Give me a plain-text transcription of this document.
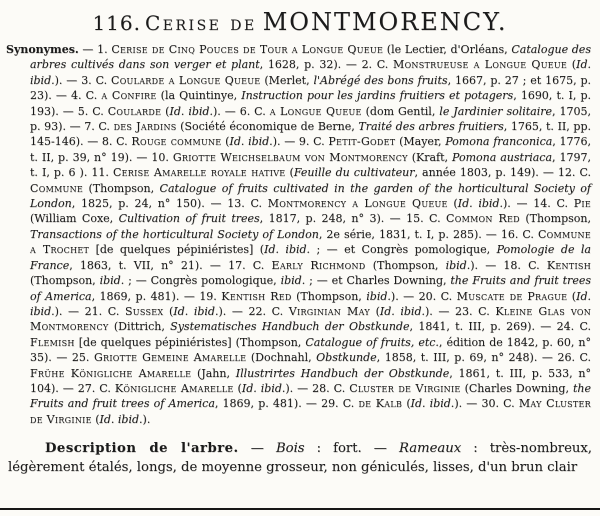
116. Cerise de MONTMORENCY.

Synonymes. — 1. Cerise de Cinq Pouces de Tour a Longue Queue (le Lectier, d'Orléans, Catalogue des arbres cultivés dans son verger et plant, 1628, p. 32). — 2. C. Monstrueuse a Longue Queue (Id. ibid.). — 3. C. Coularde a Longue Queue (Merlet, l'Abrégé des bons fruits, 1667, p. 27 ; et 1675, p. 23). — 4. C. a Confire (la Quintinye, Instruction pour les jardins fruitiers et potagers, 1690, t. I, p. 193). — 5. C. Coularde (Id. ibid.). — 6. C. a Longue Queue (dom Gentil, le Jardinier solitaire, 1705, p. 93). — 7. C. des Jardins (Société économique de Berne, Traité des arbres fruitiers, 1765, t. II, pp. 145-146). — 8. C. Rouge commune (Id. ibid.). — 9. C. Petit-Godet (Mayer, Pomona franconica, 1776, t. II, p. 39, n° 19). — 10. Griotte Weichselbaum von Montmorency (Kraft, Pomona austriaca, 1797, t. I, p. 6 ). 11. Cerise Amarelle royale hative (Feuille du cultivateur, année 1803, p. 149). — 12. C. Commune (Thompson, Catalogue of fruits cultivated in the garden of the horticultural Society of London, 1825, p. 24, n° 150). — 13. C. Montmorency a Longue Queue (Id. ibid.). — 14. C. Pie (William Coxe, Cultivation of fruit trees, 1817, p. 248, n° 3). — 15. C. Common Red (Thompson, Transactions of the horticultural Society of London, 2e série, 1831, t. I, p. 285). — 16. C. Commune a Trochet [de quelques pépiniéristes] (Id. ibid. ; — et Congrès pomologique, Pomologie de la France, 1863, t. VII, n° 21). — 17. C. Early Richmond (Thompson, ibid.). — 18. C. Kentish (Thompson, ibid. ; — Congrès pomologique, ibid. ; — et Charles Downing, the Fruits and fruit trees of America, 1869, p. 481). — 19. Kentish Red (Thompson, ibid.). — 20. C. Muscate de Prague (Id. ibid.). — 21. C. Sussex (Id. ibid.). — 22. C. Virginian May (Id. ibid.). — 23. C. Kleine Glas von Montmorency (Dittrich, Systematisches Handbuch der Obstkunde, 1841, t. III, p. 269). — 24. C. Flemish [de quelques pépiniéristes] (Thompson, Catalogue of fruits, etc., édition de 1842, p. 60, n° 35). — 25. Griotte Gemeine Amarelle (Dochnahl, Obstkunde, 1858, t. III, p. 69, n° 248). — 26. C. Frühe Königliche Amarelle (Jahn, Illustrirtes Handbuch der Obstkunde, 1861, t. III, p. 533, n° 104). — 27. C. Königliche Amarelle (Id. ibid.). — 28. C. Cluster de Virginie (Charles Downing, the Fruits and fruit trees of America, 1869, p. 481). — 29. C. de Kalb (Id. ibid.). — 30. C. May Cluster de Virginie (Id. ibid.).

Description de l'arbre. — Bois : fort. — Rameaux : très-nombreux, légèrement étalés, longs, de moyenne grosseur, non géniculés, lisses, d'un brun clair
